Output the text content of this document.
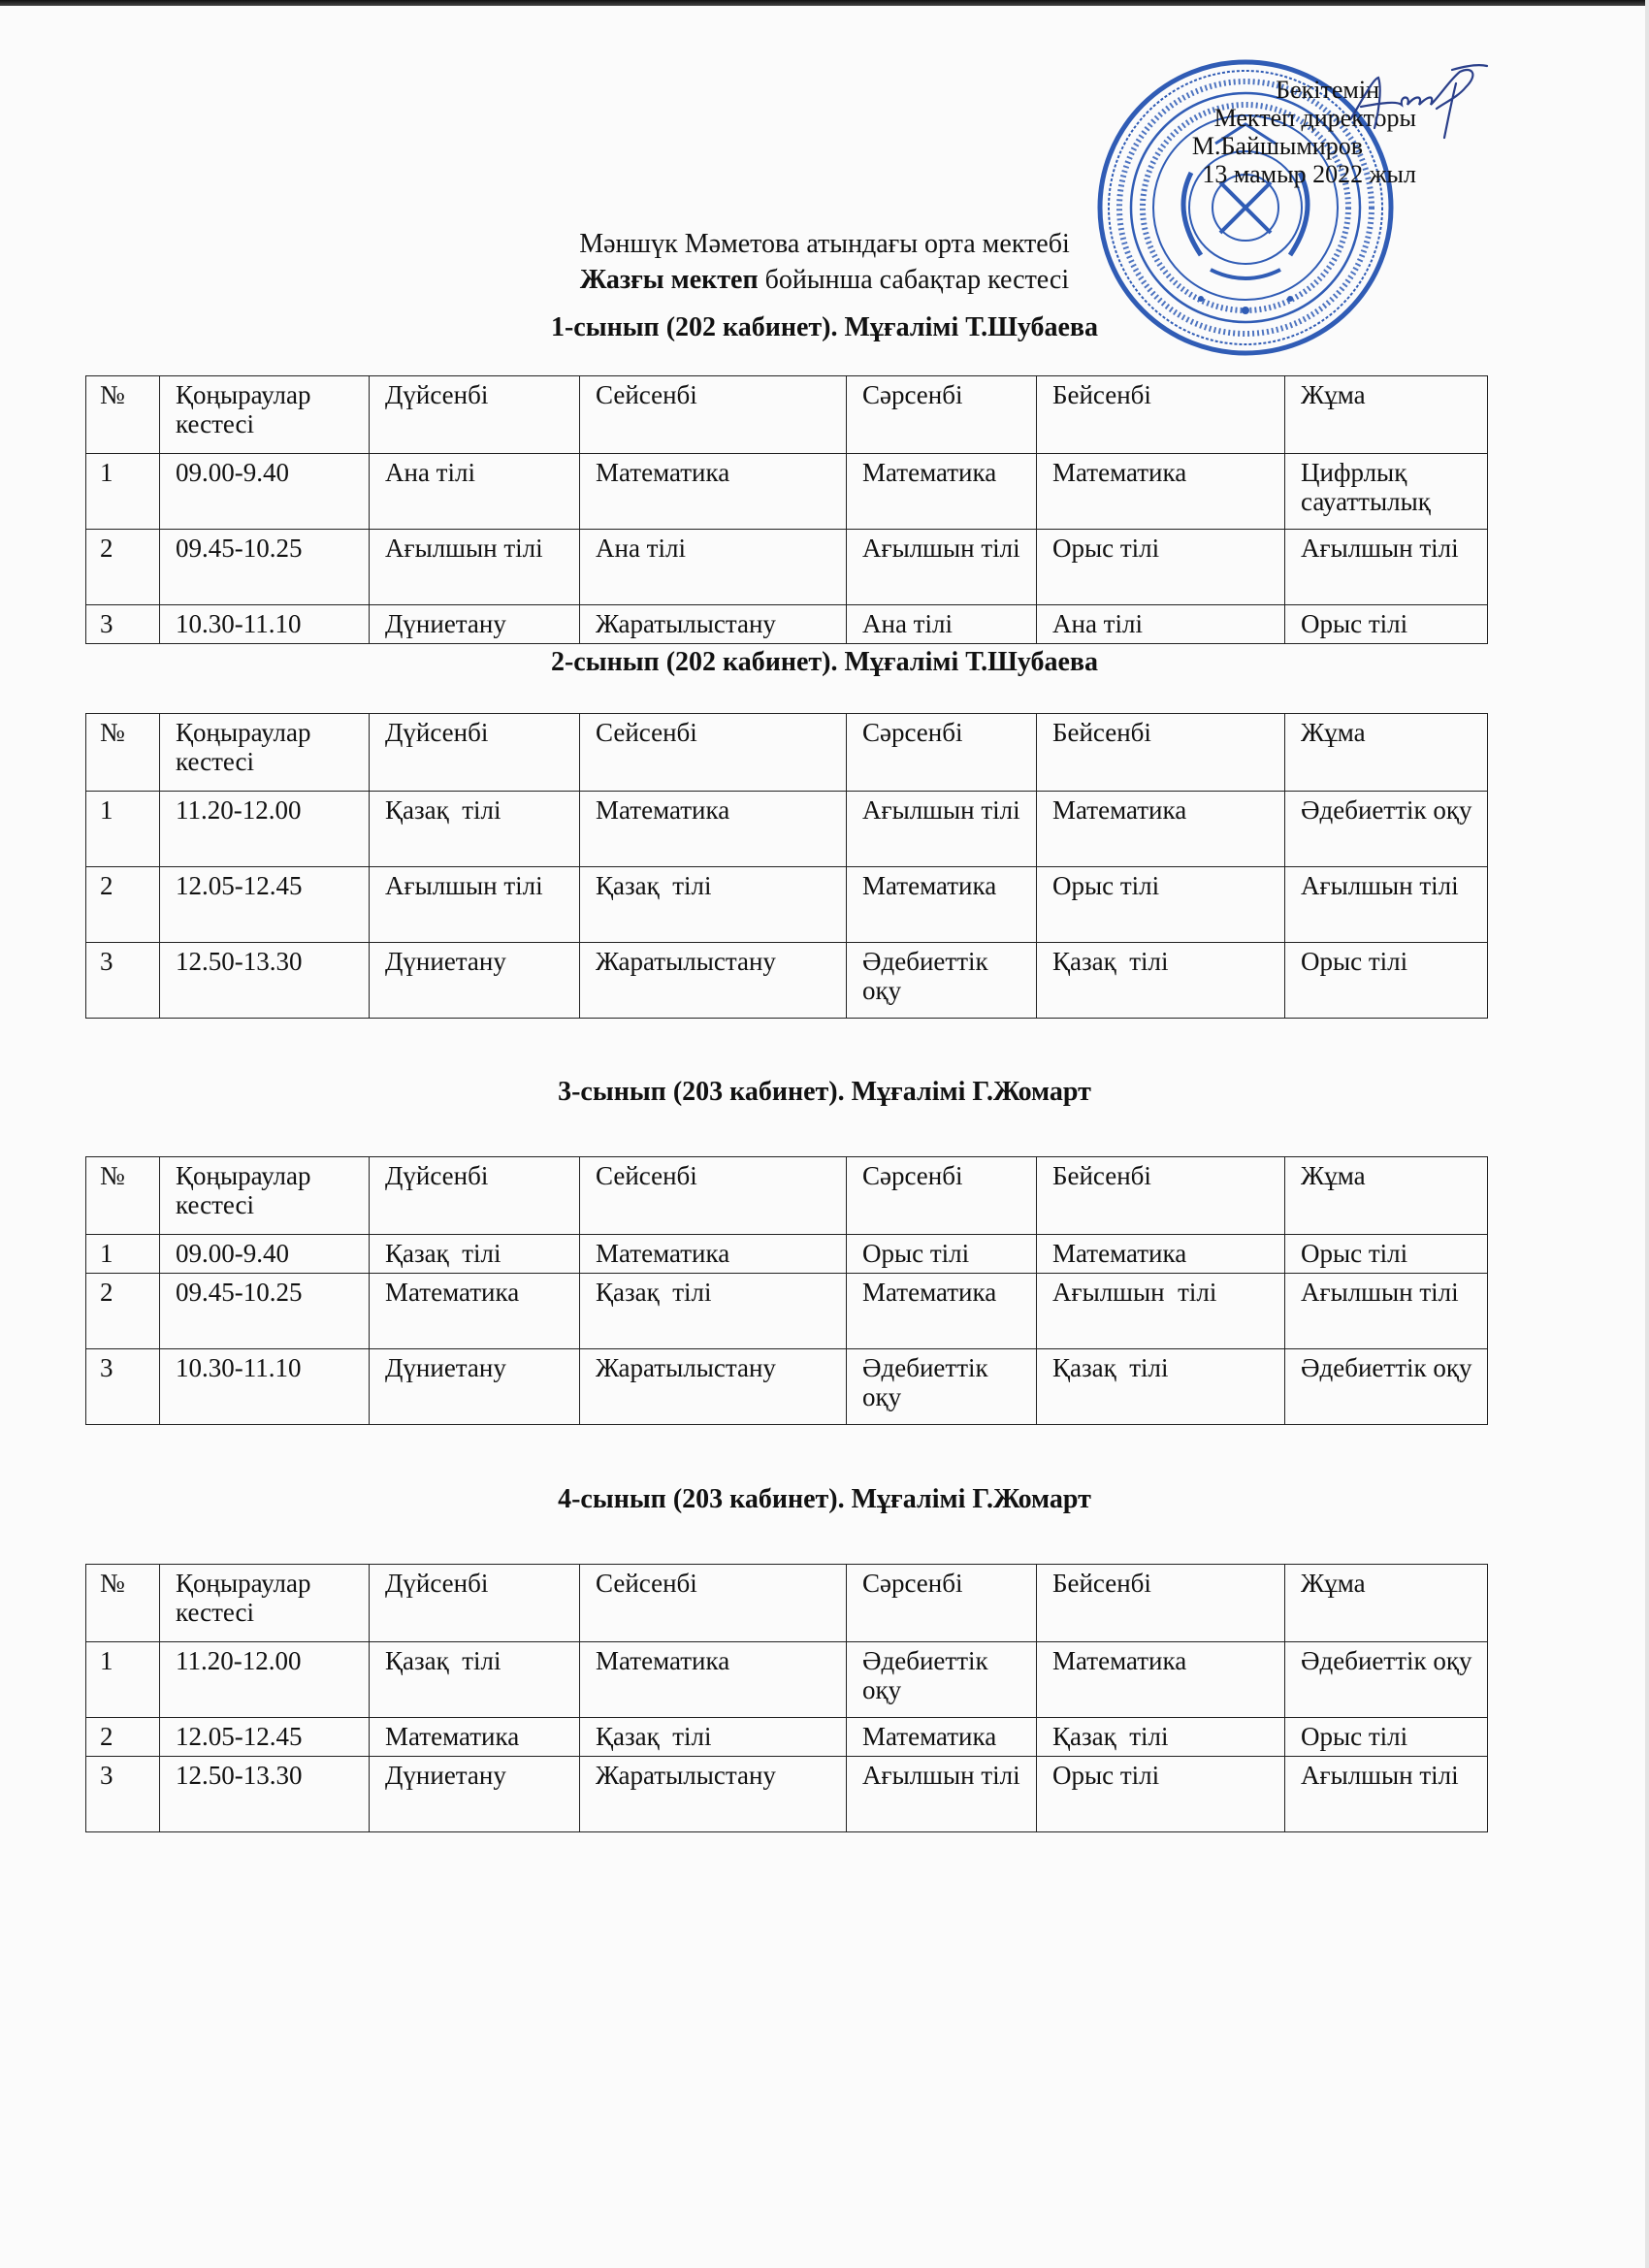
Бекітемін
Мектеп директоры
М.Байшымиров
13 мамыр 2022 жыл
Мәншүк Мәметова атындағы орта мектебі
Жазғы мектеп бойынша сабақтар кестесі
1-сынып (202 кабинет). Мұғалімі Т.Шубаева
2-сынып (202 кабинет). Мұғалімі Т.Шубаева
3-сынып (203 кабинет). Мұғалімі Г.Жомарт
4-сынып (203 кабинет). Мұғалімі Г.Жомарт
№	Қоңыраулар кестесі	Дүйсенбі	Сейсенбі	Сәрсенбі	Бейсенбі	Жұма
1	09.00-9.40	Ана тілі	Математика	Математика	Математика	Цифрлық сауаттылық
2	09.45-10.25	Ағылшын тілі	Ана тілі	Ағылшын тілі	Орыс тілі	Ағылшын тілі
3	10.30-11.10	Дүниетану	Жаратылыстану	Ана тілі	Ана тілі	Орыс тілі
№	Қоңыраулар кестесі	Дүйсенбі	Сейсенбі	Сәрсенбі	Бейсенбі	Жұма
1	11.20-12.00	Қазақ  тілі	Математика	Ағылшын тілі	Математика	Әдебиеттік оқу
2	12.05-12.45	Ағылшын тілі	Қазақ  тілі	Математика	Орыс тілі	Ағылшын тілі
3	12.50-13.30	Дүниетану	Жаратылыстану	Әдебиеттік оқу	Қазақ  тілі	Орыс тілі
№	Қоңыраулар кестесі	Дүйсенбі	Сейсенбі	Сәрсенбі	Бейсенбі	Жұма
1	09.00-9.40	Қазақ  тілі	Математика	Орыс тілі	Математика	Орыс тілі
2	09.45-10.25	Математика	Қазақ  тілі	Математика	Ағылшын  тілі	Ағылшын тілі
3	10.30-11.10	Дүниетану	Жаратылыстану	Әдебиеттік оқу	Қазақ  тілі	Әдебиеттік оқу
№	Қоңыраулар кестесі	Дүйсенбі	Сейсенбі	Сәрсенбі	Бейсенбі	Жұма
1	11.20-12.00	Қазақ  тілі	Математика	Әдебиеттік оқу	Математика	Әдебиеттік оқу
2	12.05-12.45	Математика	Қазақ  тілі	Математика	Қазақ  тілі	Орыс тілі
3	12.50-13.30	Дүниетану	Жаратылыстану	Ағылшын тілі	Орыс тілі	Ағылшын тілі
